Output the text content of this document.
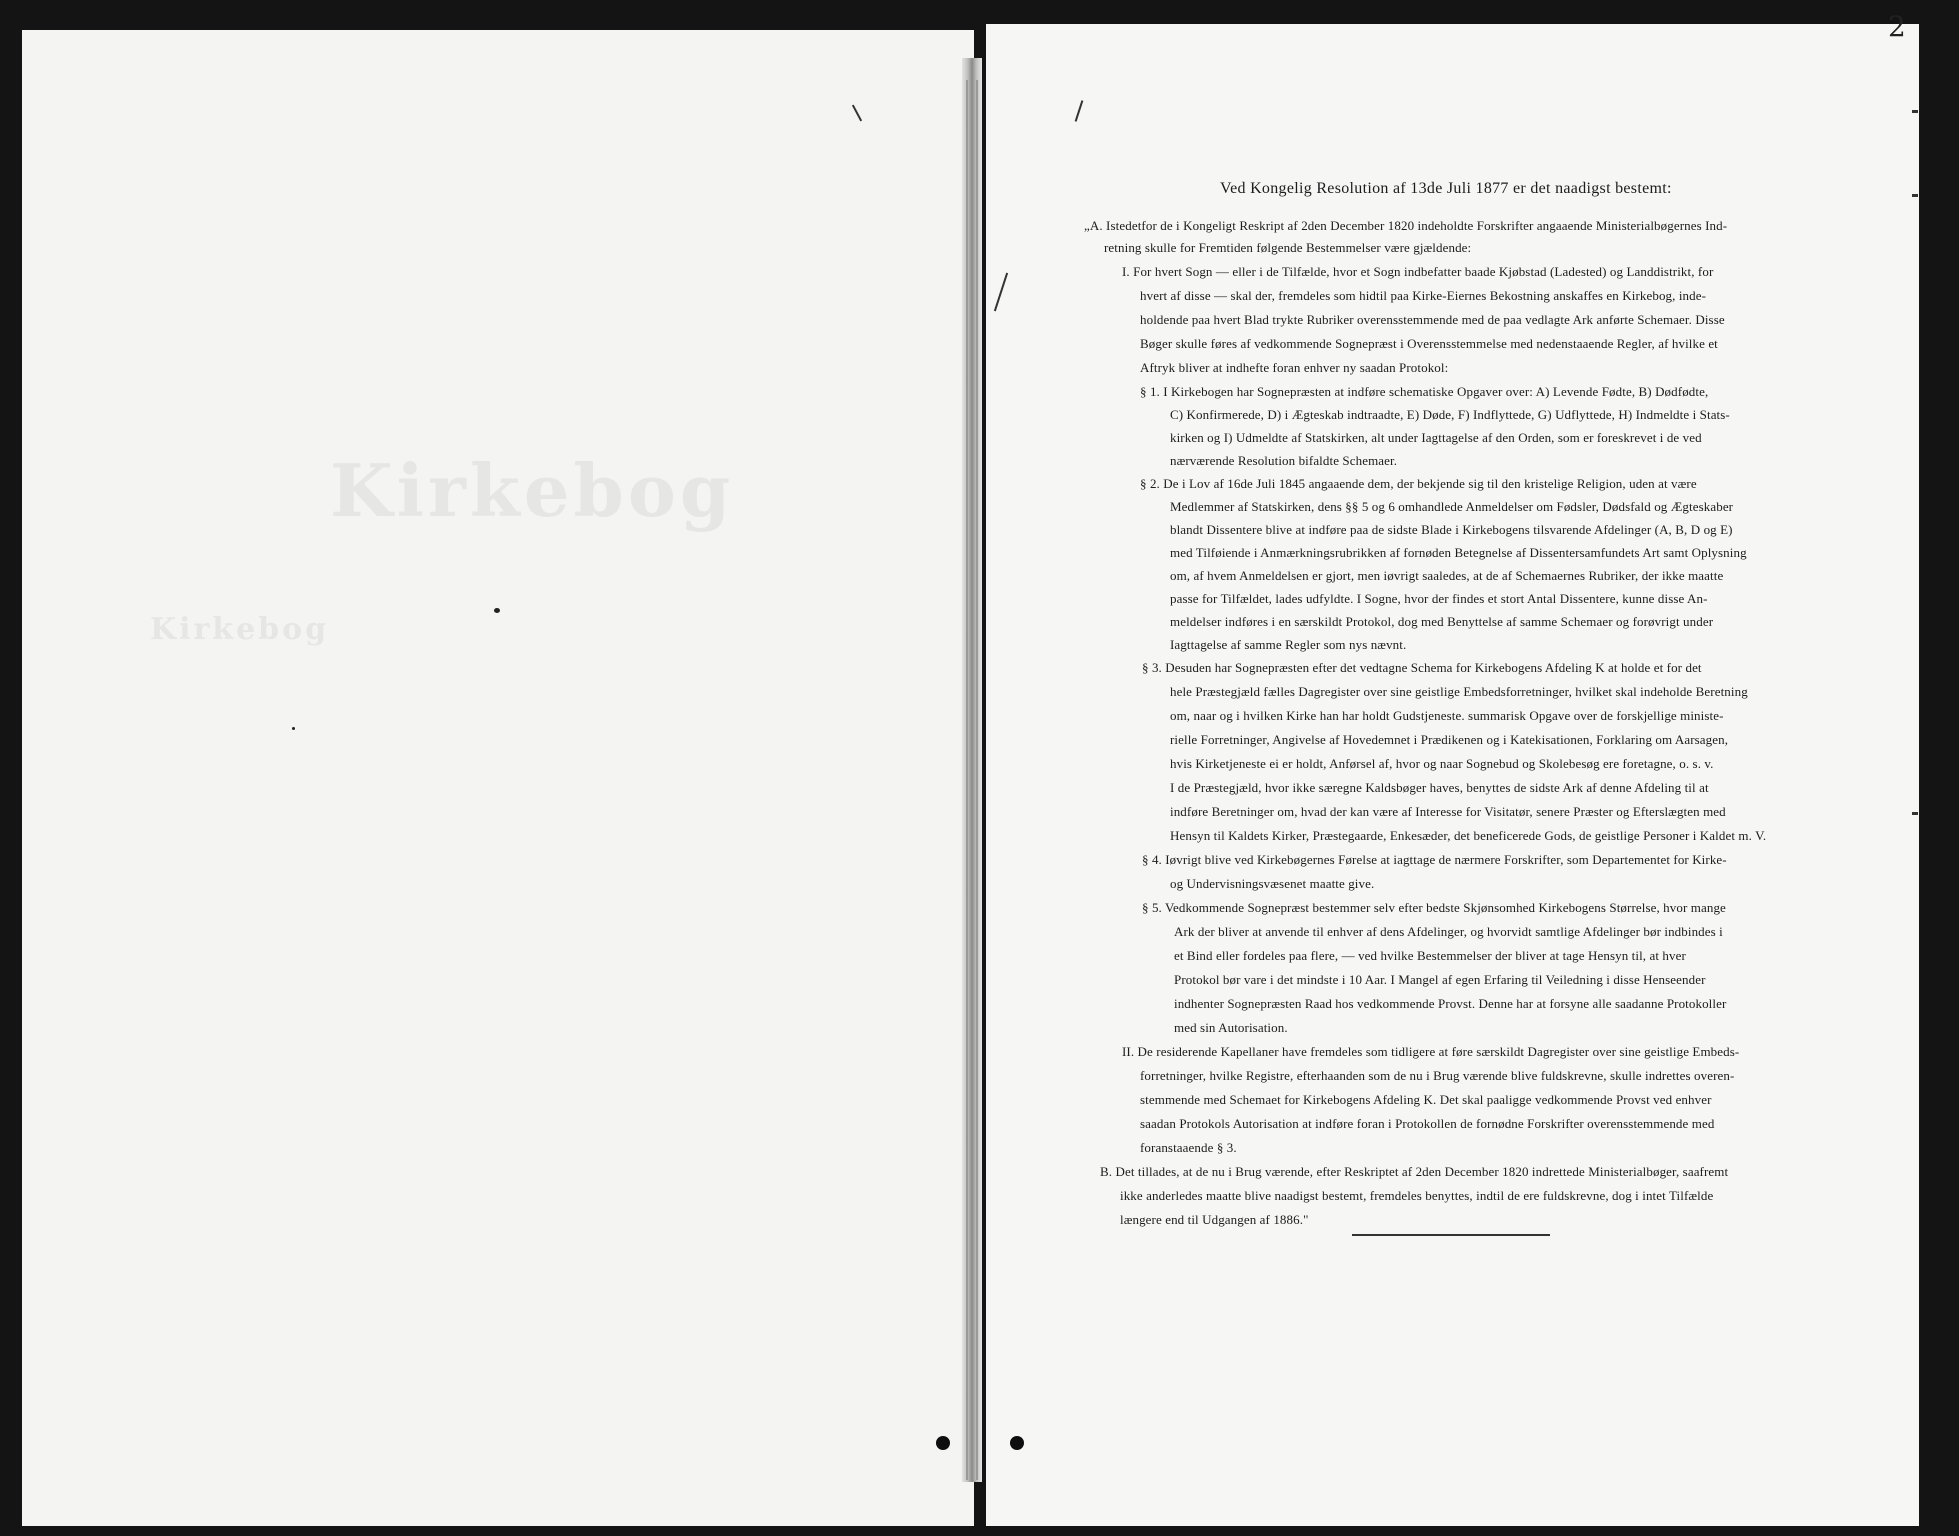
Kirkebog
Kirkebog
2
Ved Kongelig Resolution af 13de Juli 1877 er det naadigst bestemt:
„A. Istedetfor de i Kongeligt Reskript af 2den December 1820 indeholdte Forskrifter angaaende Ministerialbøgernes Ind-
retning skulle for Fremtiden følgende Bestemmelser være gjældende:
I. For hvert Sogn — eller i de Tilfælde, hvor et Sogn indbefatter baade Kjøbstad (Ladested) og Landdistrikt, for
hvert af disse — skal der, fremdeles som hidtil paa Kirke-Eiernes Bekostning anskaffes en Kirkebog, inde-
holdende paa hvert Blad trykte Rubriker overensstemmende med de paa vedlagte Ark anførte Schemaer. Disse
Bøger skulle føres af vedkommende Sognepræst i Overensstemmelse med nedenstaaende Regler, af hvilke et
Aftryk bliver at indhefte foran enhver ny saadan Protokol:
§ 1. I Kirkebogen har Sognepræsten at indføre schematiske Opgaver over: A) Levende Fødte, B) Dødfødte,
C) Konfirmerede, D) i Ægteskab indtraadte, E) Døde, F) Indflyttede, G) Udflyttede, H) Indmeldte i Stats-
kirken og I) Udmeldte af Statskirken, alt under Iagttagelse af den Orden, som er foreskrevet i de ved
nærværende Resolution bifaldte Schemaer.
§ 2. De i Lov af 16de Juli 1845 angaaende dem, der bekjende sig til den kristelige Religion, uden at være
Medlemmer af Statskirken, dens §§ 5 og 6 omhandlede Anmeldelser om Fødsler, Dødsfald og Ægteskaber
blandt Dissentere blive at indføre paa de sidste Blade i Kirkebogens tilsvarende Afdelinger (A, B, D og E)
med Tilføiende i Anmærkningsrubrikken af fornøden Betegnelse af Dissentersamfundets Art samt Oplysning
om, af hvem Anmeldelsen er gjort, men iøvrigt saaledes, at de af Schemaernes Rubriker, der ikke maatte
passe for Tilfældet, lades udfyldte. I Sogne, hvor der findes et stort Antal Dissentere, kunne disse An-
meldelser indføres i en særskildt Protokol, dog med Benyttelse af samme Schemaer og forøvrigt under
Iagttagelse af samme Regler som nys nævnt.
§ 3. Desuden har Sognepræsten efter det vedtagne Schema for Kirkebogens Afdeling K at holde et for det
hele Præstegjæld fælles Dagregister over sine geistlige Embedsforretninger, hvilket skal indeholde Beretning
om, naar og i hvilken Kirke han har holdt Gudstjeneste. summarisk Opgave over de forskjellige ministe-
rielle Forretninger, Angivelse af Hovedemnet i Prædikenen og i Katekisationen, Forklaring om Aarsagen,
hvis Kirketjeneste ei er holdt, Anførsel af, hvor og naar Sognebud og Skolebesøg ere foretagne, o. s. v.
I de Præstegjæld, hvor ikke særegne Kaldsbøger haves, benyttes de sidste Ark af denne Afdeling til at
indføre Beretninger om, hvad der kan være af Interesse for Visitatør, senere Præster og Efterslægten med
Hensyn til Kaldets Kirker, Præstegaarde, Enkesæder, det beneficerede Gods, de geistlige Personer i Kaldet m. V.
§ 4. Iøvrigt blive ved Kirkebøgernes Førelse at iagttage de nærmere Forskrifter, som Departementet for Kirke-
og Undervisningsvæsenet maatte give.
§ 5. Vedkommende Sognepræst bestemmer selv efter bedste Skjønsomhed Kirkebogens Størrelse, hvor mange
Ark der bliver at anvende til enhver af dens Afdelinger, og hvorvidt samtlige Afdelinger bør indbindes i
et Bind eller fordeles paa flere, — ved hvilke Bestemmelser der bliver at tage Hensyn til, at hver
Protokol bør vare i det mindste i 10 Aar. I Mangel af egen Erfaring til Veiledning i disse Henseender
indhenter Sognepræsten Raad hos vedkommende Provst. Denne har at forsyne alle saadanne Protokoller
med sin Autorisation.
II. De residerende Kapellaner have fremdeles som tidligere at føre særskildt Dagregister over sine geistlige Embeds-
forretninger, hvilke Registre, efterhaanden som de nu i Brug værende blive fuldskrevne, skulle indrettes overen-
stemmende med Schemaet for Kirkebogens Afdeling K. Det skal paaligge vedkommende Provst ved enhver
saadan Protokols Autorisation at indføre foran i Protokollen de fornødne Forskrifter overensstemmende med
foranstaaende § 3.
B. Det tillades, at de nu i Brug værende, efter Reskriptet af 2den December 1820 indrettede Ministerialbøger, saafremt
ikke anderledes maatte blive naadigst bestemt, fremdeles benyttes, indtil de ere fuldskrevne, dog i intet Tilfælde
længere end til Udgangen af 1886."
